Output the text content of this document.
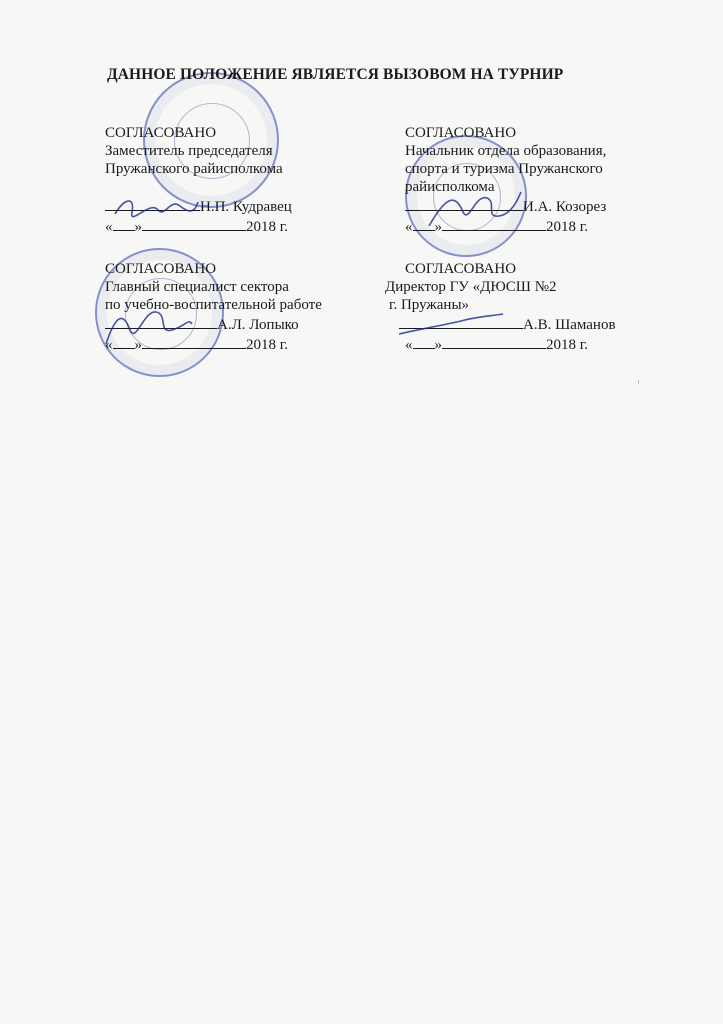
ДАННОЕ ПОЛОЖЕНИЕ ЯВЛЯЕТСЯ ВЫЗОВОМ НА ТУРНИР
СОГЛАСОВАНО
Заместитель председателя
Пружанского райисполкома
Н.П. Кудравец
« »	2018 г.
СОГЛАСОВАНО
Начальник отдела образования,
спорта и туризма Пружанского
райисполкома
И.А. Козорез
« »	2018 г.
СОГЛАСОВАНО
Главный специалист сектора
по учебно-воспитательной работе
А.Л. Лопыко
« »	2018 г.
СОГЛАСОВАНО
Директор ГУ «ДЮСШ №2
г. Пружаны»
А.В. Шаманов
« »	2018 г.
